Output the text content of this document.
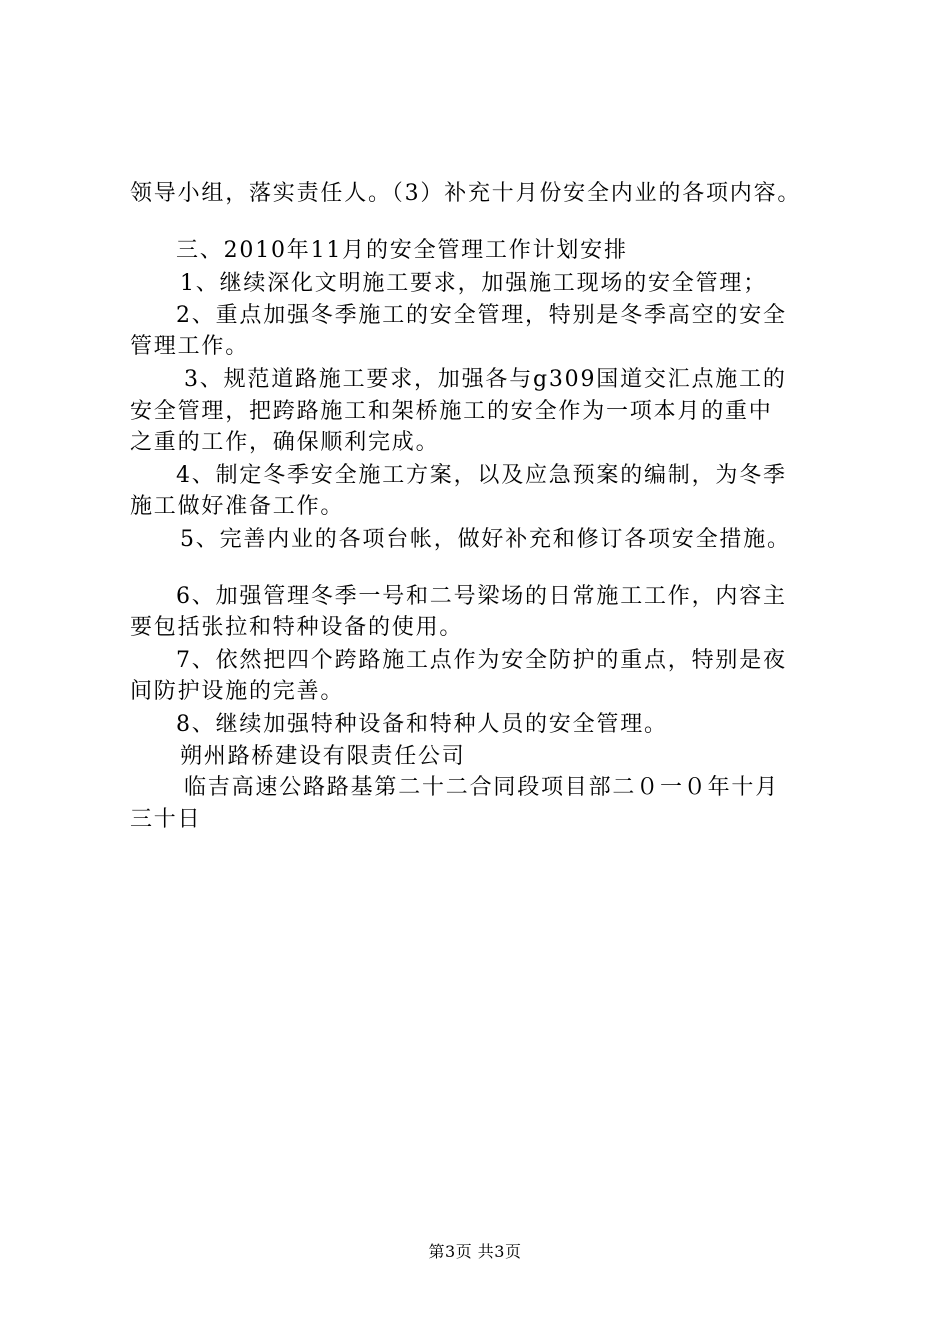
领导小组，落实责任人。（3）补充十月份安全内业的各项内容。
三、2010年11月的安全管理工作计划安排
1、继续深化文明施工要求，加强施工现场的安全管理；
2、重点加强冬季施工的安全管理，特别是冬季高空的安全
管理工作。
3、规范道路施工要求，加强各与g309国道交汇点施工的
安全管理，把跨路施工和架桥施工的安全作为一项本月的重中
之重的工作，确保顺利完成。
4、制定冬季安全施工方案，以及应急预案的编制，为冬季
施工做好准备工作。
5、完善内业的各项台帐，做好补充和修订各项安全措施。
6、加强管理冬季一号和二号梁场的日常施工工作，内容主
要包括张拉和特种设备的使用。
7、依然把四个跨路施工点作为安全防护的重点，特别是夜
间防护设施的完善。
8、继续加强特种设备和特种人员的安全管理。
朔州路桥建设有限责任公司
临吉高速公路路基第二十二合同段项目部二０一０年十月
三十日
第3页 共3页
